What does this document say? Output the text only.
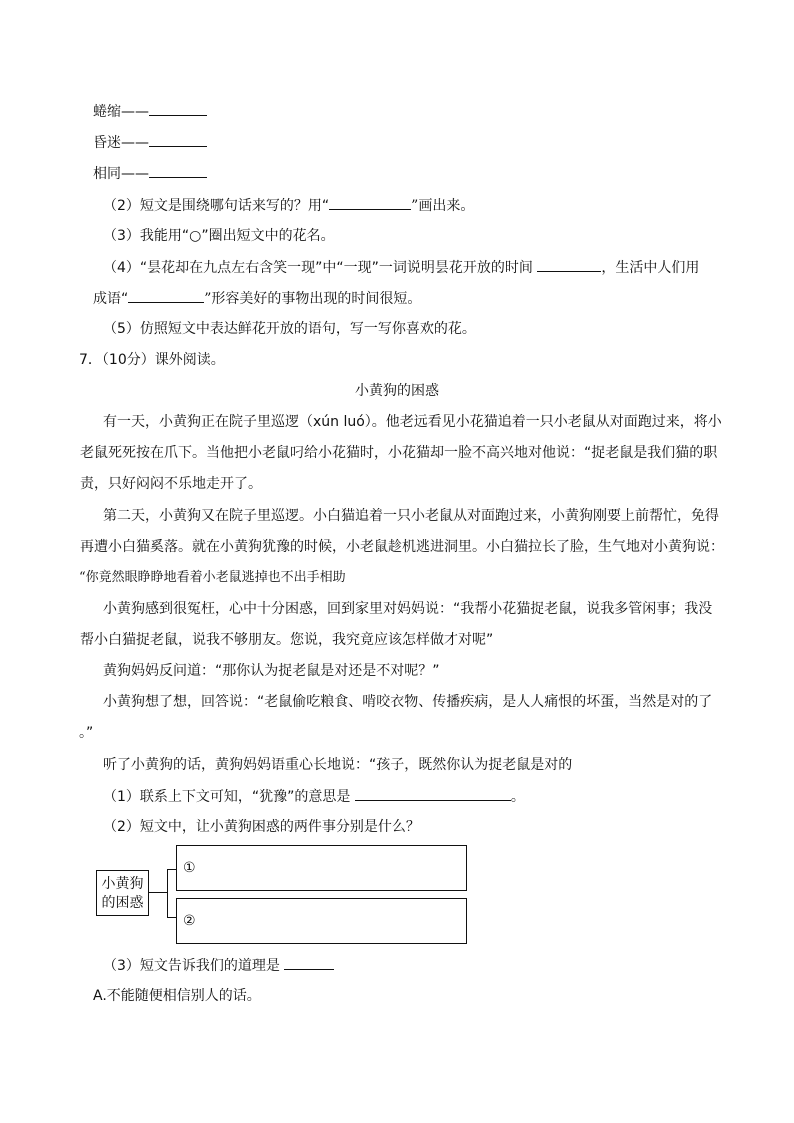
蜷缩——
昏迷——
相同——
（2）短文是围绕哪句话来写的？用“	”画出来。
（3）我能用“○”圈出短文中的花名。
（4）“昙花却在九点左右含笑一现”中“一现”一词说明昙花开放的时间	，生活中人们用
成语“	”形容美好的事物出现的时间很短。
（5）仿照短文中表达鲜花开放的语句，写一写你喜欢的花。
7．（10分）课外阅读。
小黄狗的困惑
有一天，小黄狗正在院子里巡逻（xún luó）。他老远看见小花猫追着一只小老鼠从对面跑过来，将小
老鼠死死按在爪下。当他把小老鼠叼给小花猫时，小花猫却一脸不高兴地对他说：“捉老鼠是我们猫的职
责，只好闷闷不乐地走开了。
第二天，小黄狗又在院子里巡逻。小白猫追着一只小老鼠从对面跑过来，小黄狗刚要上前帮忙，免得
再遭小白猫奚落。就在小黄狗犹豫的时候，小老鼠趁机逃进洞里。小白猫拉长了脸，生气地对小黄狗说：
“你竟然眼睁睁地看着小老鼠逃掉也不出手相助
小黄狗感到很冤枉，心中十分困惑，回到家里对妈妈说：“我帮小花猫捉老鼠，说我多管闲事；我没
帮小白猫捉老鼠，说我不够朋友。您说，我究竟应该怎样做才对呢”
黄狗妈妈反问道：“那你认为捉老鼠是对还是不对呢？”
小黄狗想了想，回答说：“老鼠偷吃粮食、啃咬衣物、传播疾病，是人人痛恨的坏蛋，当然是对的了
。”
听了小黄狗的话，黄狗妈妈语重心长地说：“孩子，既然你认为捉老鼠是对的
（1）联系上下文可知，“犹豫”的意思是	。
（2）短文中，让小黄狗困惑的两件事分别是什么？
小黄狗
的困惑
①
②
（3）短文告诉我们的道理是
A.不能随便相信别人的话。
